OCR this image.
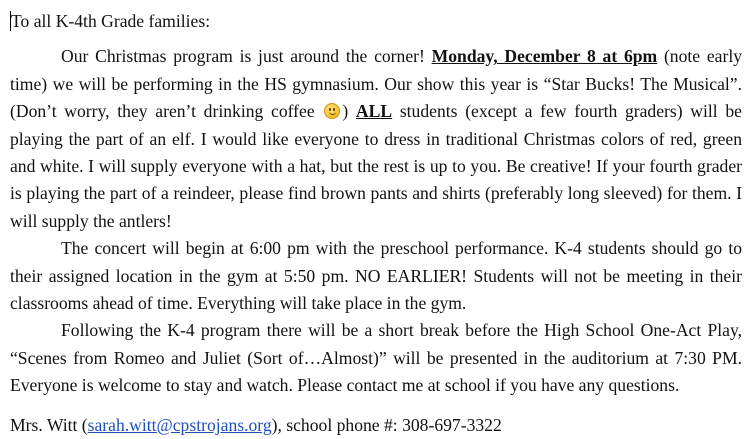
To all K-4th Grade families:

Our Christmas program is just around the corner! Monday, December 8 at 6pm (note early time) we will be performing in the HS gymnasium. Our show this year is “Star Bucks! The Musical”. (Don’t worry, they aren’t drinking coffee
) ALL students (except a few fourth graders) will be playing the part of an elf. I would like everyone to dress in traditional Christmas colors of red, green and white. I will supply everyone with a hat, but the rest is up to you. Be creative! If your fourth grader is playing the part of a reindeer, please find brown pants and shirts (preferably long sleeved) for them. I will supply the antlers!

The concert will begin at 6:00 pm with the preschool performance. K-4 students should go to their assigned location in the gym at 5:50 pm. NO EARLIER! Students will not be meeting in their classrooms ahead of time. Everything will take place in the gym.

Following the K-4 program there will be a short break before the High School One-Act Play, “Scenes from Romeo and Juliet (Sort of…Almost)” will be presented in the auditorium at 7:30 PM. Everyone is welcome to stay and watch. Please contact me at school if you have any questions.

Mrs. Witt (sarah.witt@cpstrojans.org), school phone #: 308-697-3322
